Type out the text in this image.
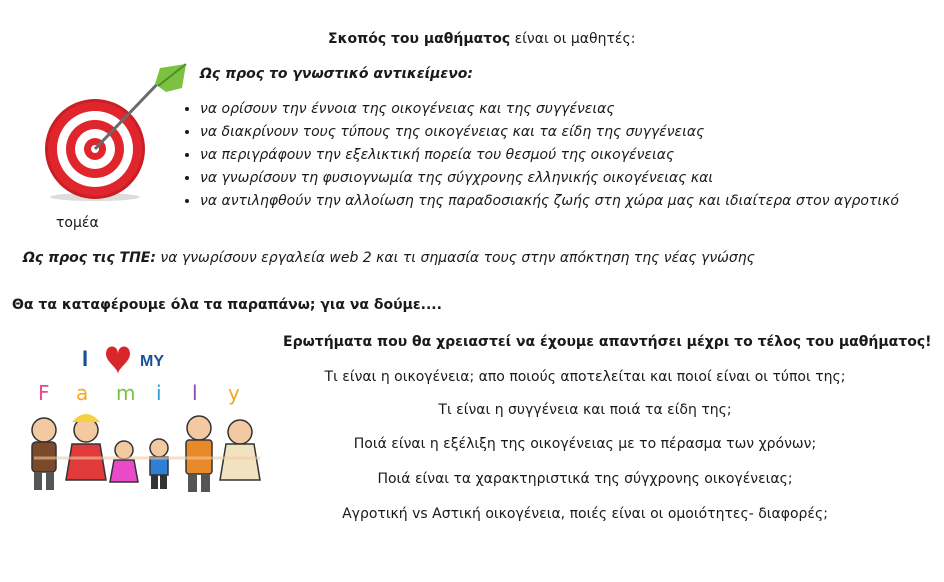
Σκοπός του μαθήματος είναι οι μαθητές:
Ως προς το γνωστικό αντικείμενο:
• να ορίσουν την έννοια της οικογένειας και της συγγένειας
• να διακρίνουν τους τύπους της οικογένειας και τα είδη της συγγένειας
• να περιγράφουν την εξελικτική πορεία του θεσμού της οικογένειας
• να γνωρίσουν τη φυσιογνωμία της σύγχρονης ελληνικής οικογένειας και
• να αντιληφθούν την αλλοίωση της παραδοσιακής ζωής στη χώρα μας και ιδιαίτερα στον αγροτικό
τομέα
Ως προς τις ΤΠΕ: να γνωρίσουν εργαλεία web 2 και τι σημασία τους στην απόκτηση της νέας γνώσης
Θα τα καταφέρουμε όλα τα παραπάνω; για να δούμε....
I	MY
F a m i l y
Ερωτήματα που θα χρειαστεί να έχουμε απαντήσει μέχρι το τέλος του μαθήματος!
Τι είναι η οικογένεια; απο ποιούς αποτελείται και ποιοί είναι οι τύποι της;
Τι είναι η συγγένεια και ποιά τα είδη της;
Ποιά είναι η εξέλιξη της οικογένειας με το πέρασμα των χρόνων;
Ποιά είναι τα χαρακτηριστικά της σύγχρονης οικογένειας;
Αγροτική vs Αστική οικογένεια, ποιές είναι οι ομοιότητες- διαφορές;
